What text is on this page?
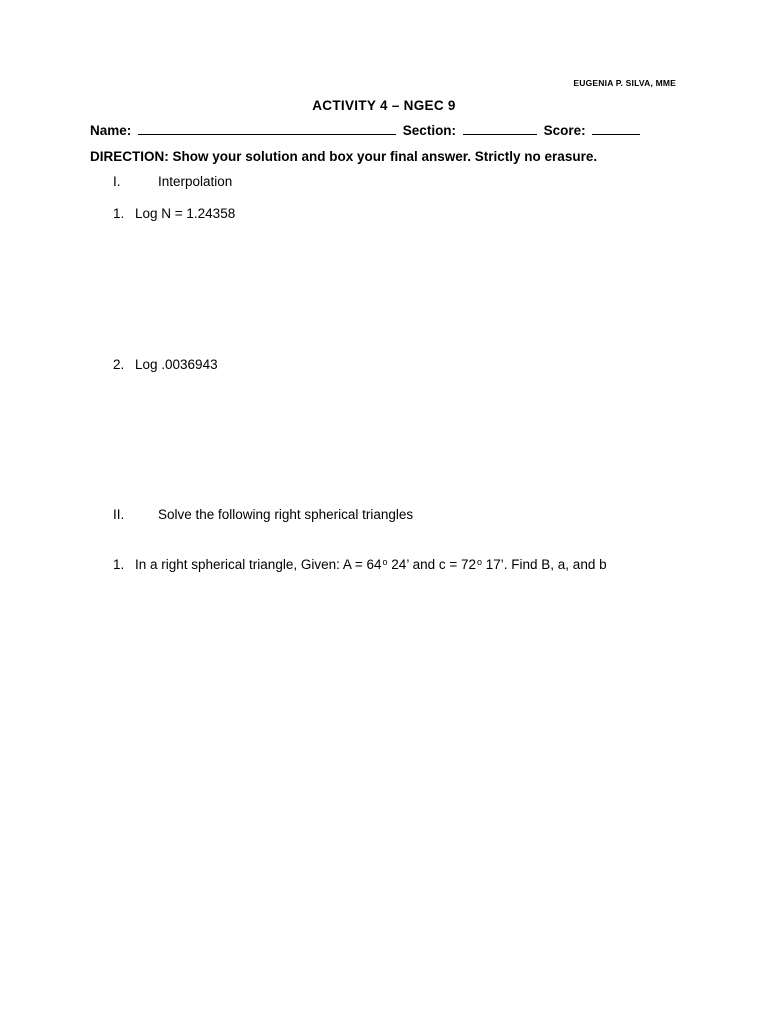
EUGENIA P. SILVA, MME
ACTIVITY 4 – NGEC 9
Name:	Section:	Score:
DIRECTION: Show your solution and box your final answer. Strictly no erasure.
I.	Interpolation
1. Log N = 1.24358
2. Log .0036943
II. Solve the following right spherical triangles
1. In a right spherical triangle, Given: $A = 64^o$ 24’ and $c = 72^o$ 17’. Find B, a, and b
